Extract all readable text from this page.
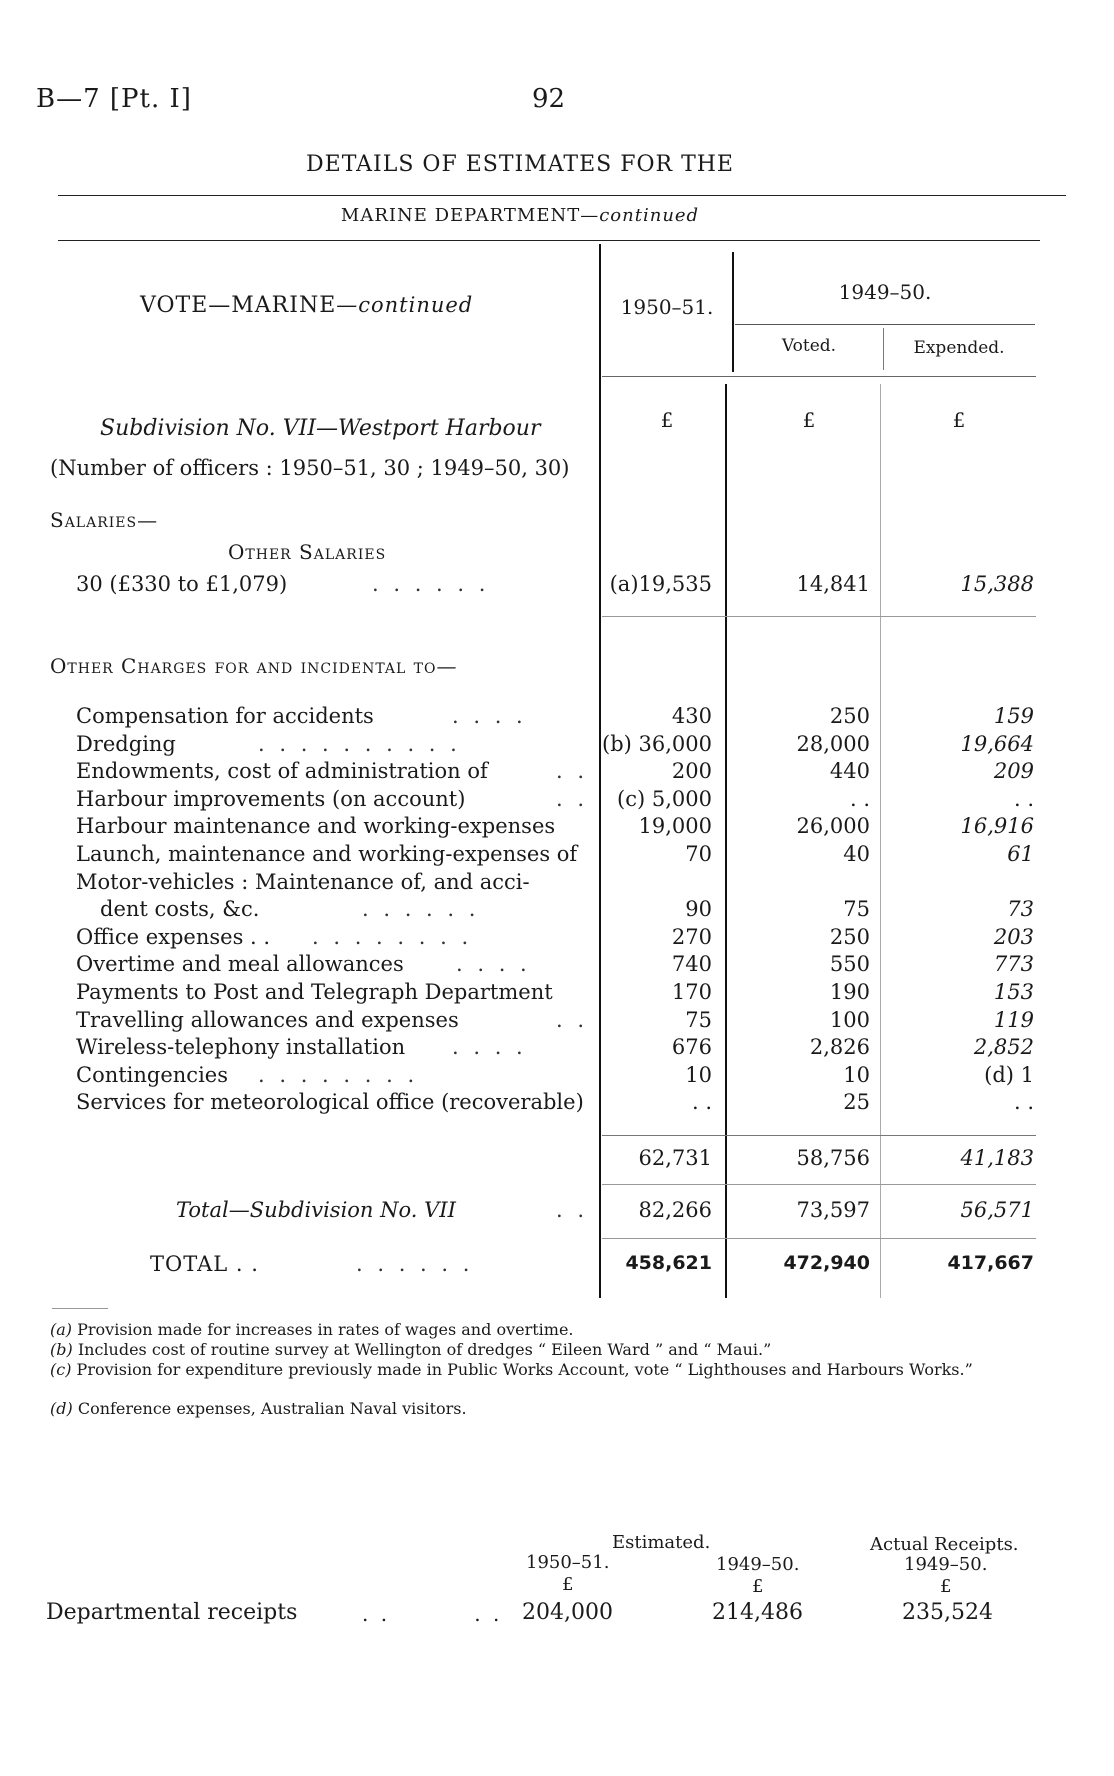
B—7 [Pt. I]	92
DETAILS OF ESTIMATES FOR THE
MARINE DEPARTMENT—continued
VOTE—MARINE—continued	1950–51.
1949–50.
Voted.	Expended.
£	£	£
Subdivision No. VII—Westport Harbour
(Number of officers : 1950–51, 30 ; 1949–50, 30)
Salaries—
Other Salaries
30 (£330 to £1,079)	. . . . . .	(a)19,535	14,841	15,388
Other Charges for and incidental to—
Compensation for accidents	. . . .	430	250	159
Dredging	. . . . . . . . . .	(b) 36,000	28,000	19,664
Endowments, cost of administration of	. .	200	440	209
Harbour improvements (on account)	. . (c) 5,000	. .	. .
Harbour maintenance and working-expenses	19,000	26,000	16,916
Launch, maintenance and working-expenses of	70	40	61
Motor-vehicles : Maintenance of, and acci-
dent costs, &c.	. . . . . .	90	75	73
Office expenses . . . . . . . . . .	270	250	203
Overtime and meal allowances . . . .	740	550	773
Payments to Post and Telegraph Department	170	190	153
Travelling allowances and expenses	. .	75	100	119
Wireless-telephony installation . . . .	676	2,826	2,852
Contingencies . . . . . . . .	10	10	(d) 1
Services for meteorological office (recoverable)	. .	25	. .
62,731	58,756	41,183
Total—Subdivision No. VII	. . 82,266	73,597	56,571
TOTAL . .	. . . . . .	458,621	472,940	417,667
(a) Provision made for increases in rates of wages and overtime.
(b) Includes cost of routine survey at Wellington of dredges “ Eileen Ward ” and “ Maui.”
(c) Provision for expenditure previously made in Public Works Account, vote “ Lighthouses and Harbours Works.”
(d) Conference expenses, Australian Naval visitors.
Estimated.	Actual Receipts.
1950–51.	1949–50.	1949–50.
£	£	£
Departmental receipts	. .         . . 204,000	214,486	235,524
